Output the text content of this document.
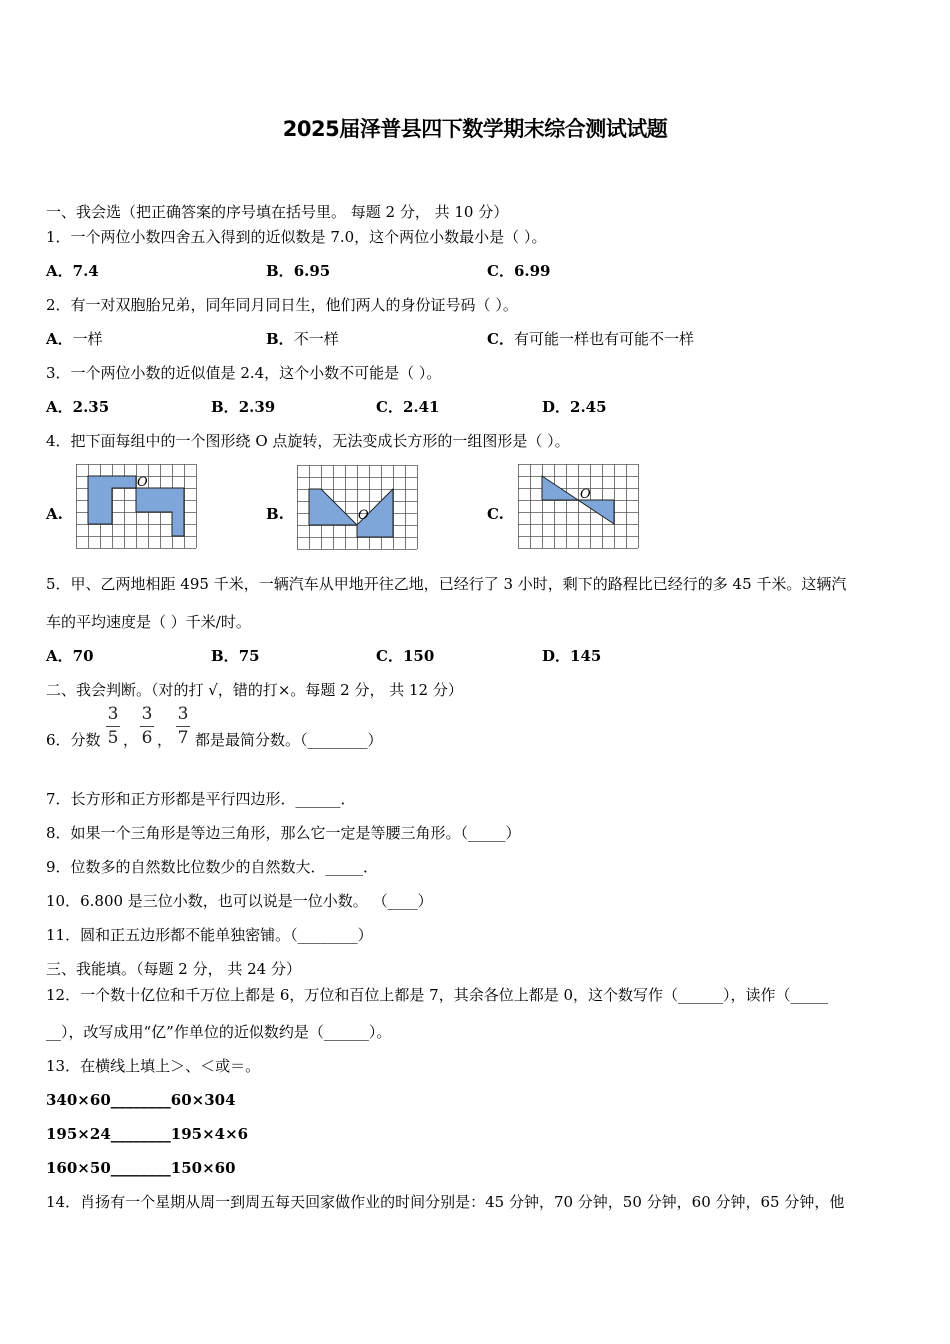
2025届泽普县四下数学期末综合测试试题
一、我会选（把正确答案的序号填在括号里。 每题 2 分， 共 10 分）
1．一个两位小数四舍五入得到的近似数是 7.0，这个两位小数最小是（ ）。
A．7.4	B．6.95	C．6.99
2．有一对双胞胎兄弟，同年同月同日生，他们两人的身份证号码（ ）。
A．一样	B．不一样	C．有可能一样也有可能不一样
3．一个两位小数的近似值是 2.4，这个小数不可能是（ ）。
A．2.35	B．2.39	C．2.41	D．2.45
4．把下面每组中的一个图形绕 O 点旋转，无法变成长方形的一组图形是（ ）。
A.
O
B.	O	C.
O
5．甲、乙两地相距 495 千米，一辆汽车从甲地开往乙地，已经行了 3 小时，剩下的路程比已经行的多 45 千米。这辆汽
车的平均速度是（ ）千米/时。
A．70	B．75	C．150	D．145
二、我会判断。（对的打 √，错的打×。每题 2 分， 共 12 分）
6．分数
3
5 ，
3
6 ，
3
7 都是最简分数。（________）
7．长方形和正方形都是平行四边形．______．
8．如果一个三角形是等边三角形，那么它一定是等腰三角形。（_____）
9．位数多的自然数比位数少的自然数大．_____．
10．6.800 是三位小数，也可以说是一位小数。 （____）
11．圆和正五边形都不能单独密铺。（________）
三、我能填。（每题 2 分， 共 24 分）
12．一个数十亿位和千万位上都是 6，万位和百位上都是 7，其余各位上都是 0，这个数写作（______），读作（_____
__），改写成用“亿”作单位的近似数约是（______）。
13．在横线上填上＞、＜或＝。
340×60________60×304
195×24________195×4×6
160×50________150×60
14．肖扬有一个星期从周一到周五每天回家做作业的时间分别是：45 分钟，70 分钟，50 分钟，60 分钟，65 分钟，他
